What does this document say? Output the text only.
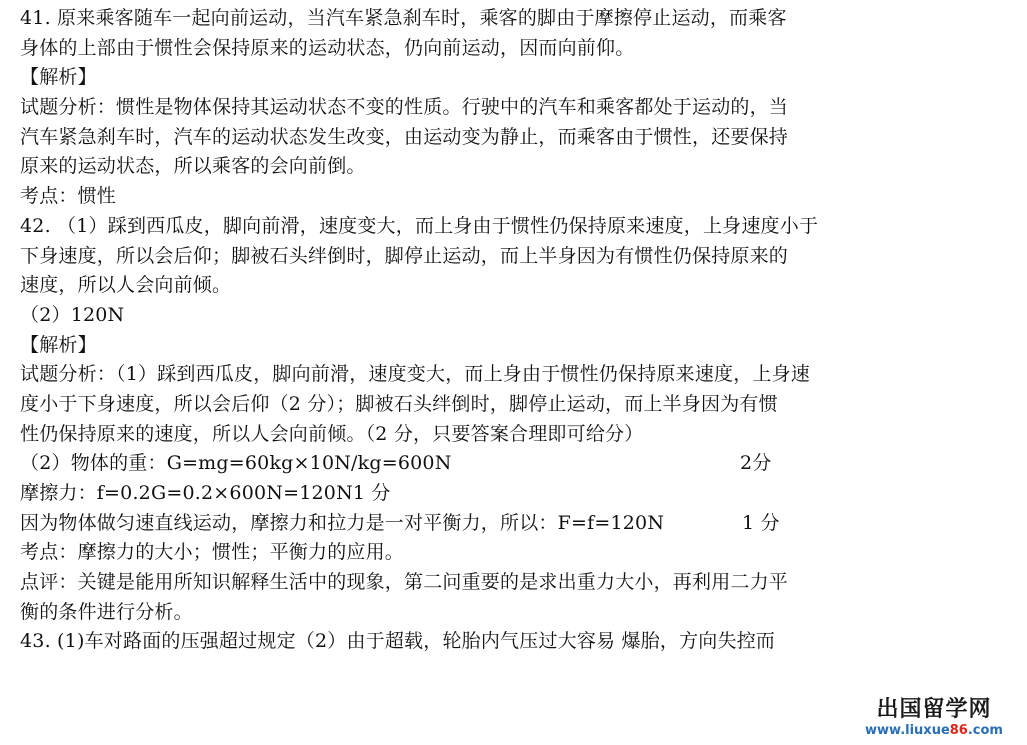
41. 原来乘客随车一起向前运动，当汽车紧急刹车时，乘客的脚由于摩擦停止运动，而乘客
身体的上部由于惯性会保持原来的运动状态，仍向前运动，因而向前仰。
【解析】
试题分析：惯性是物体保持其运动状态不变的性质。行驶中的汽车和乘客都处于运动的，当
汽车紧急刹车时，汽车的运动状态发生改变，由运动变为静止，而乘客由于惯性，还要保持
原来的运动状态，所以乘客的会向前倒。
考点：惯性
42. （1）踩到西瓜皮，脚向前滑，速度变大，而上身由于惯性仍保持原来速度，上身速度小于
下身速度，所以会后仰；脚被石头绊倒时，脚停止运动，而上半身因为有惯性仍保持原来的
速度，所以人会向前倾。
（2）120N
【解析】
试题分析：（1）踩到西瓜皮，脚向前滑，速度变大，而上身由于惯性仍保持原来速度，上身速
度小于下身速度，所以会后仰（2 分）；脚被石头绊倒时，脚停止运动，而上半身因为有惯
性仍保持原来的速度，所以人会向前倾。（2 分，只要答案合理即可给分）
（2）物体的重：G=mg=60kg×10N/kg=600N	2分
摩擦力：f=0.2G=0.2×600N=120N1 分
因为物体做匀速直线运动，摩擦力和拉力是一对平衡力，所以：F=f=120N	1 分
考点：摩擦力的大小；惯性；平衡力的应用。
点评：关键是能用所知识解释生活中的现象，第二问重要的是求出重力大小，再利用二力平
衡的条件进行分析。
43. (1)车对路面的压强超过规定（2）由于超载，轮胎内气压过大容易 爆胎，方向失控而
出国留学网
www.liuxue86.com
